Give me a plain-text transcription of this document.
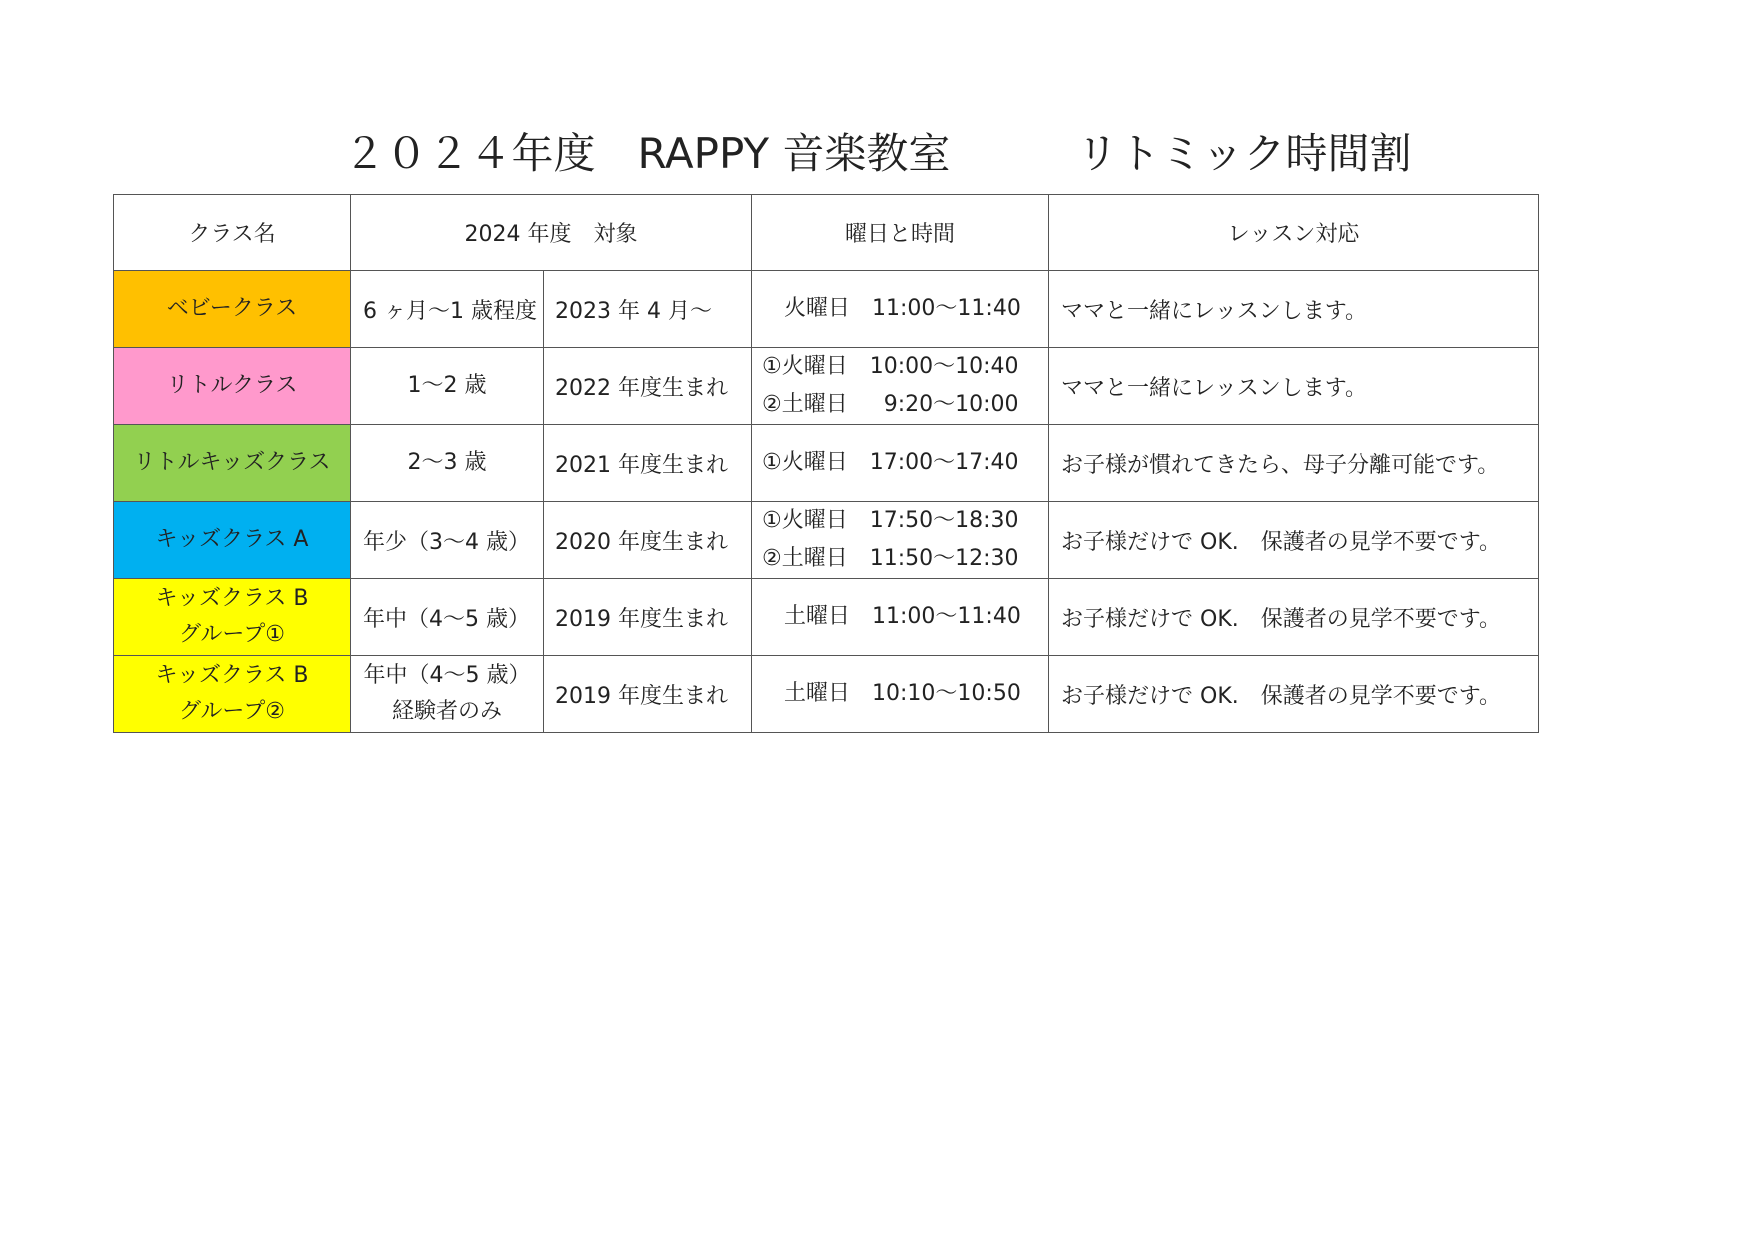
２０２４年度　RAPPY 音楽教室　　　リトミック時間割
クラス名	2024 年度　対象		曜日と時間	レッスン対応

ベビークラス	6 ヶ月〜1 歳程度	2023 年 4 月〜	　火曜日　11:00〜11:40	ママと一緒にレッスンします。

リトルクラス	1〜2 歳	2022 年度生まれ	①火曜日　10:00〜10:40
②土曜日　  9:20〜10:00	ママと一緒にレッスンします。

リトルキッズクラス	2〜3 歳	2021 年度生まれ	①火曜日　17:00〜17:40	お子様が慣れてきたら、母子分離可能です。

キッズクラス A	年少（3〜4 歳）	2020 年度生まれ	①火曜日　17:50〜18:30
②土曜日　11:50〜12:30	お子様だけで OK.　保護者の見学不要です。

キッズクラス B
グループ①	年中（4〜5 歳）	2019 年度生まれ	　土曜日　11:00〜11:40	お子様だけで OK.　保護者の見学不要です。

キッズクラス B
グループ②	年中（4〜5 歳）
経験者のみ	2019 年度生まれ	　土曜日　10:10〜10:50	お子様だけで OK.　保護者の見学不要です。
